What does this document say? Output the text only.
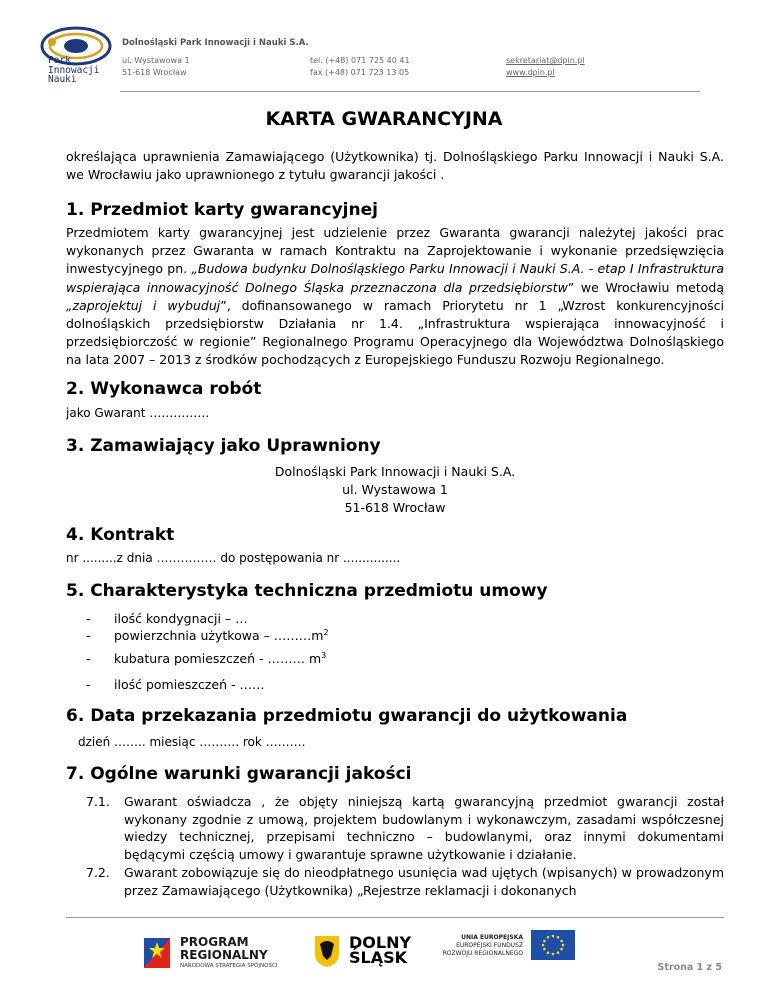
Park
Innowacji
Nauki
Dolnośląski Park Innowacji i Nauki S.A.
ul. Wystawowa 1
51-618 Wrocław
tel. (+48) 071 725 40 41
fax (+48) 071 723 13 05
sekretariat@dpin.pl
www.dpin.pl
KARTA GWARANCYJNA
określająca uprawnienia Zamawiającego (Użytkownika) tj. Dolnośląskiego Parku Innowacji i Nauki S.A. we Wrocławiu jako uprawnionego z tytułu gwarancji jakości .
1. Przedmiot karty gwarancyjnej

Przedmiotem karty gwarancyjnej jest udzielenie przez Gwaranta gwarancji należytej jakości prac wykonanych przez Gwaranta w ramach Kontraktu na Zaprojektowanie i wykonanie przedsięwzięcia inwestycyjnego pn. „Budowa budynku Dolnośląskiego Parku Innowacji i Nauki S.A. - etap I Infrastruktura wspierająca innowacyjność Dolnego Śląska przeznaczona dla przedsiębiorstw” we Wrocławiu metodą „zaprojektuj i wybuduj”, dofinansowanego w ramach Priorytetu nr 1 „Wzrost konkurencyjności dolnośląskich przedsiębiorstw Działania nr 1.4. „Infrastruktura wspierająca innowacyjność i przedsiębiorczość w regionie” Regionalnego Programu Operacyjnego dla Województwa Dolnośląskiego na lata 2007 – 2013 z środków pochodzących z Europejskiego Funduszu Rozwoju Regionalnego.

2. Wykonawca robót
jako Gwarant ……………
3. Zamawiający jako Uprawniony
Dolnośląski Park Innowacji i Nauki S.A.
ul. Wystawowa 1
51-618 Wrocław
4. Kontrakt
nr .........z dnia …………… do postępowania nr ...............
5. Charakterystyka techniczna przedmiotu umowy
- ilość kondygnacji – …
- powierzchnia użytkowa – $\dots\dots\dots m^2$
- kubatura pomieszczeń - ……… $m^3$
- ilość pomieszczeń - ……
6. Data przekazania przedmiotu gwarancji do użytkowania
dzień …….. miesiąc ………. rok ……….
7. Ogólne warunki gwarancji jakości
7.1. Gwarant oświadcza , że objęty niniejszą kartą gwarancyjną przedmiot gwarancji został wykonany zgodnie z umową, projektem budowlanym i wykonawczym, zasadami współczesnej wiedzy technicznej, przepisami techniczno – budowlanymi, oraz innymi dokumentami będącymi częścią umowy i gwarantuje sprawne użytkowanie i działanie.
7.2. Gwarant zobowiązuje się do nieodpłatnego usunięcia wad ujętych (wpisanych) w prowadzonym przez Zamawiającego (Użytkownika) „Rejestrze reklamacji i dokonanych
PROGRAM
REGIONALNY
NARODOWA STRATEGIA SPÓJNOŚCI
DOLNY
ŚLĄSK
UNIA EUROPEJSKA
EUROPEJSKI FUNDUSZ
ROZWOJU REGIONALNEGO
Strona 1 z 5
